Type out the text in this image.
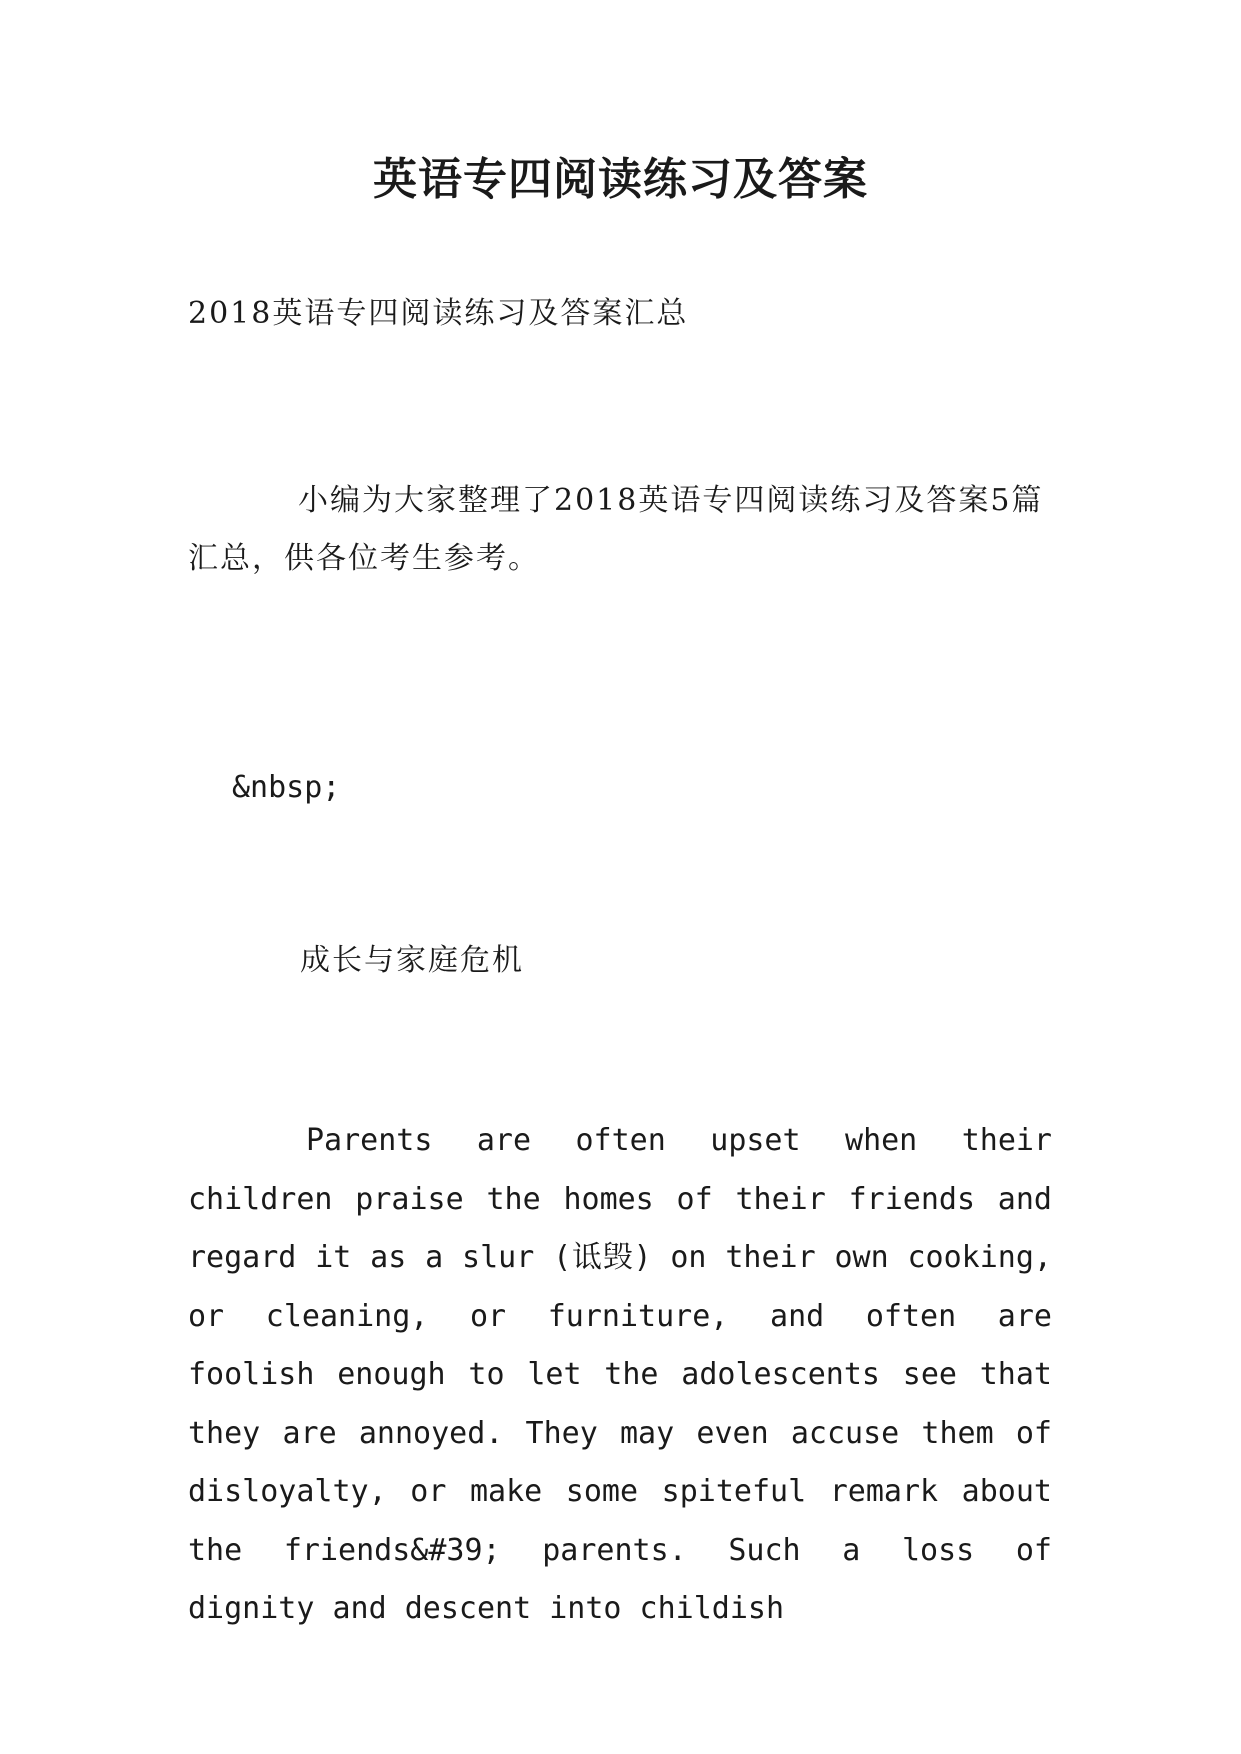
英语专四阅读练习及答案
2018英语专四阅读练习及答案汇总
小编为大家整理了2018英语专四阅读练习及答案5篇汇总，供各位考生参考。
&nbsp;
成长与家庭危机
Parents are often upset when their children praise the homes of their friends and regard it as a slur (诋毁) on their own cooking, or cleaning, or furniture, and often are foolish enough to let the adolescents see that they are annoyed. They may even accuse them of disloyalty, or make some spiteful remark about the friends&#39; parents. Such a loss of dignity and descent into childish
